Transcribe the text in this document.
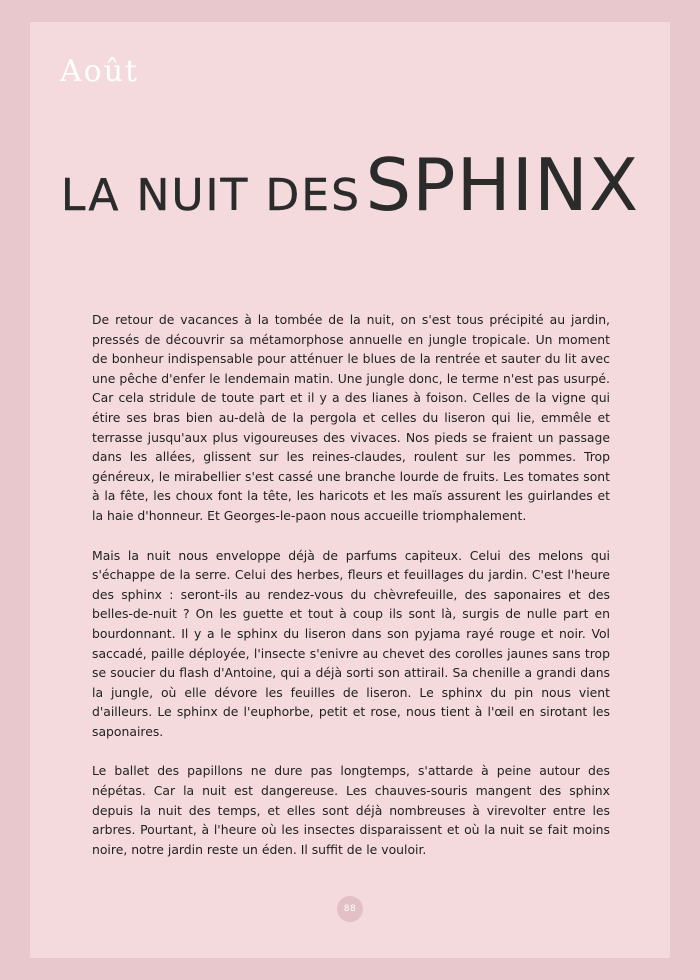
Août
LA NUIT DES SPHINX

De retour de vacances à la tombée de la nuit, on s'est tous précipité au jardin, pressés de découvrir sa métamorphose annuelle en jungle tropicale. Un moment de bonheur indispensable pour atténuer le blues de la rentrée et sauter du lit avec une pêche d'enfer le lendemain matin. Une jungle donc, le terme n'est pas usurpé. Car cela stridule de toute part et il y a des lianes à foison. Celles de la vigne qui étire ses bras bien au-delà de la pergola et celles du liseron qui lie, emmêle et terrasse jusqu'aux plus vigoureuses des vivaces. Nos pieds se fraient un passage dans les allées, glissent sur les reines-claudes, roulent sur les pommes. Trop généreux, le mirabellier s'est cassé une branche lourde de fruits. Les tomates sont à la fête, les choux font la tête, les haricots et les maïs assurent les guirlandes et la haie d'honneur. Et Georges-le-paon nous accueille triomphalement.

Mais la nuit nous enveloppe déjà de parfums capiteux. Celui des melons qui s'échappe de la serre. Celui des herbes, fleurs et feuillages du jardin. C'est l'heure des sphinx : seront-ils au rendez-vous du chèvrefeuille, des saponaires et des belles-de-nuit ? On les guette et tout à coup ils sont là, surgis de nulle part en bourdonnant. Il y a le sphinx du liseron dans son pyjama rayé rouge et noir. Vol saccadé, paille déployée, l'insecte s'enivre au chevet des corolles jaunes sans trop se soucier du flash d'Antoine, qui a déjà sorti son attirail. Sa chenille a grandi dans la jungle, où elle dévore les feuilles de liseron. Le sphinx du pin nous vient d'ailleurs. Le sphinx de l'euphorbe, petit et rose, nous tient à l'œil en sirotant les saponaires.

Le ballet des papillons ne dure pas longtemps, s'attarde à peine autour des népétas. Car la nuit est dangereuse. Les chauves-souris mangent des sphinx depuis la nuit des temps, et elles sont déjà nombreuses à virevolter entre les arbres. Pourtant, à l'heure où les insectes disparaissent et où la nuit se fait moins noire, notre jardin reste un éden. Il suffit de le vouloir.

88
